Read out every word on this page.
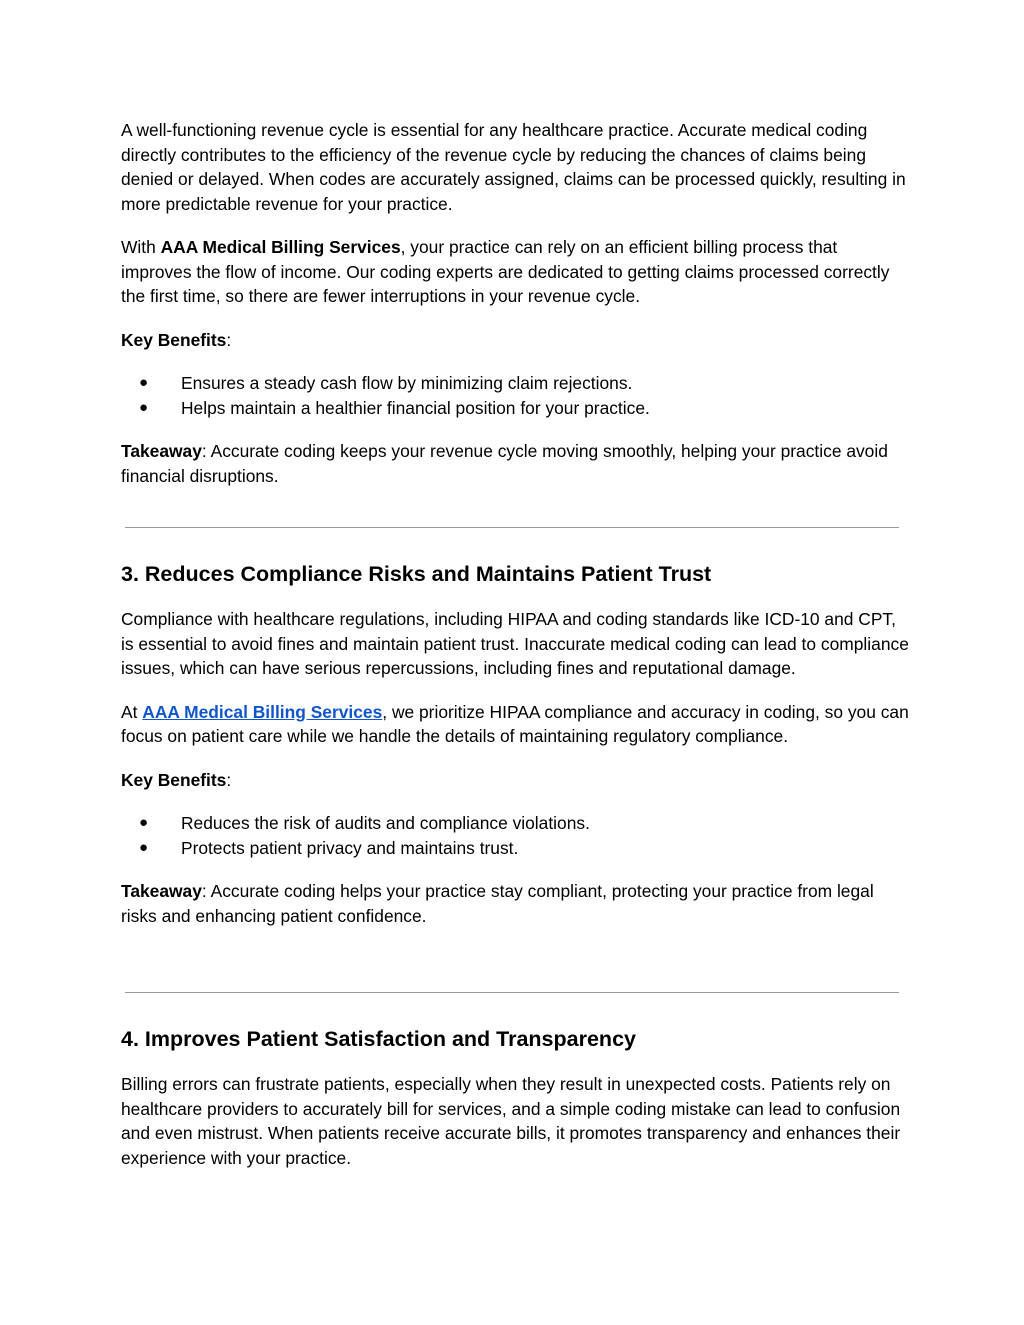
A well-functioning revenue cycle is essential for any healthcare practice. Accurate medical coding directly contributes to the efficiency of the revenue cycle by reducing the chances of claims being denied or delayed. When codes are accurately assigned, claims can be processed quickly, resulting in more predictable revenue for your practice.

With AAA Medical Billing Services, your practice can rely on an efficient billing process that improves the flow of income. Our coding experts are dedicated to getting claims processed correctly the first time, so there are fewer interruptions in your revenue cycle.

Key Benefits:

● Ensures a steady cash flow by minimizing claim rejections.
● Helps maintain a healthier financial position for your practice.

Takeaway: Accurate coding keeps your revenue cycle moving smoothly, helping your practice avoid financial disruptions.

3. Reduces Compliance Risks and Maintains Patient Trust

Compliance with healthcare regulations, including HIPAA and coding standards like ICD-10 and CPT, is essential to avoid fines and maintain patient trust. Inaccurate medical coding can lead to compliance issues, which can have serious repercussions, including fines and reputational damage.

At AAA Medical Billing Services, we prioritize HIPAA compliance and accuracy in coding, so you can focus on patient care while we handle the details of maintaining regulatory compliance.

Key Benefits:

● Reduces the risk of audits and compliance violations.
● Protects patient privacy and maintains trust.

Takeaway: Accurate coding helps your practice stay compliant, protecting your practice from legal risks and enhancing patient confidence.

4. Improves Patient Satisfaction and Transparency

Billing errors can frustrate patients, especially when they result in unexpected costs. Patients rely on healthcare providers to accurately bill for services, and a simple coding mistake can lead to confusion and even mistrust. When patients receive accurate bills, it promotes transparency and enhances their experience with your practice.
